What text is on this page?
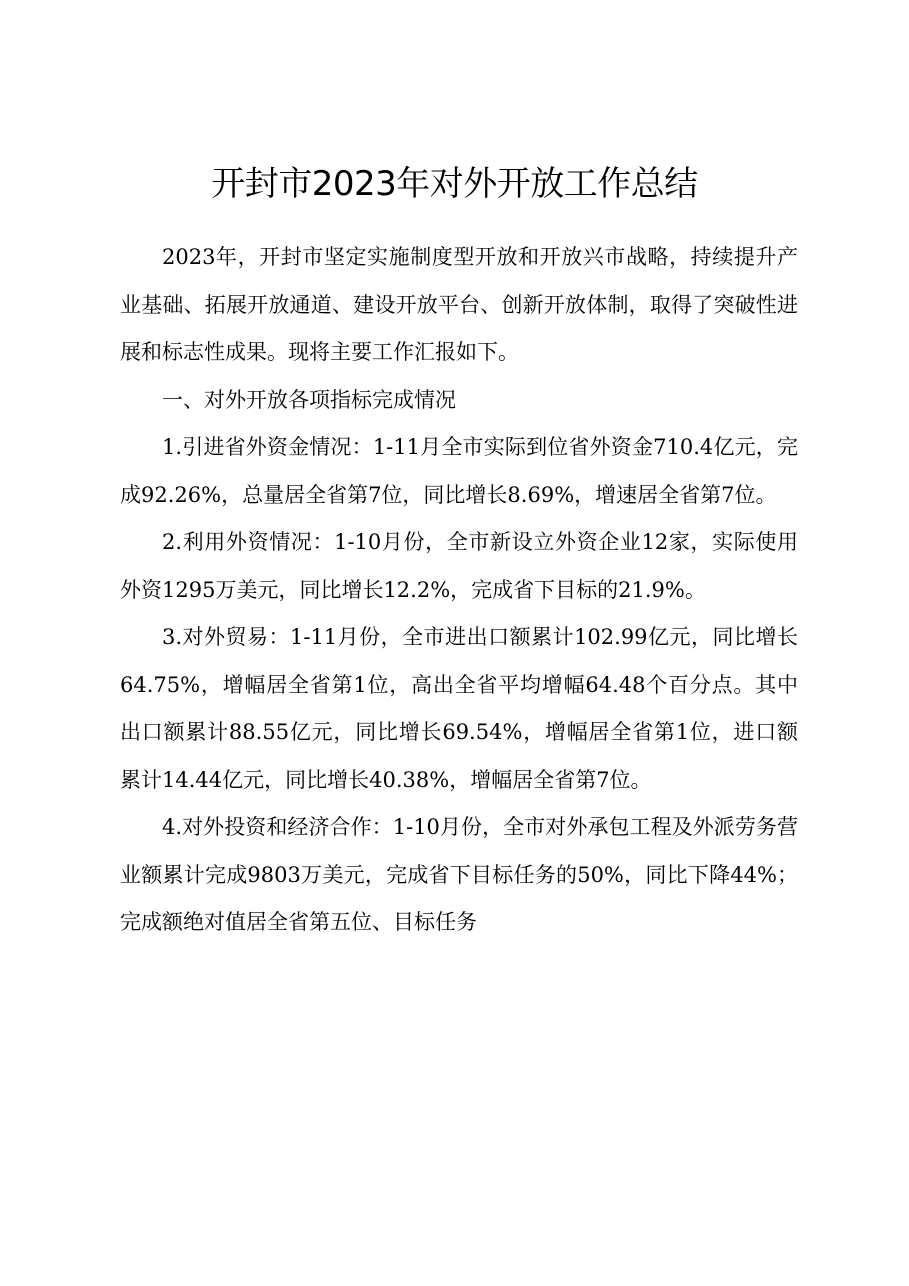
开封市2023年对外开放工作总结

2023年，开封市坚定实施制度型开放和开放兴市战略，持续提升产业基础、拓展开放通道、建设开放平台、创新开放体制，取得了突破性进展和标志性成果。现将主要工作汇报如下。

一、对外开放各项指标完成情况

1.引进省外资金情况：1-11月全市实际到位省外资金710.4亿元，完成92.26%，总量居全省第7位，同比增长8.69%，增速居全省第7位。

2.利用外资情况：1-10月份，全市新设立外资企业12家，实际使用外资1295万美元，同比增长12.2%，完成省下目标的21.9%。

3.对外贸易：1-11月份，全市进出口额累计102.99亿元，同比增长64.75%，增幅居全省第1位，高出全省平均增幅64.48个百分点。其中出口额累计88.55亿元，同比增长69.54%，增幅居全省第1位，进口额累计14.44亿元，同比增长40.38%，增幅居全省第7位。

4.对外投资和经济合作：1-10月份，全市对外承包工程及外派劳务营业额累计完成9803万美元，完成省下目标任务的50%，同比下降44%；完成额绝对值居全省第五位、目标任务
